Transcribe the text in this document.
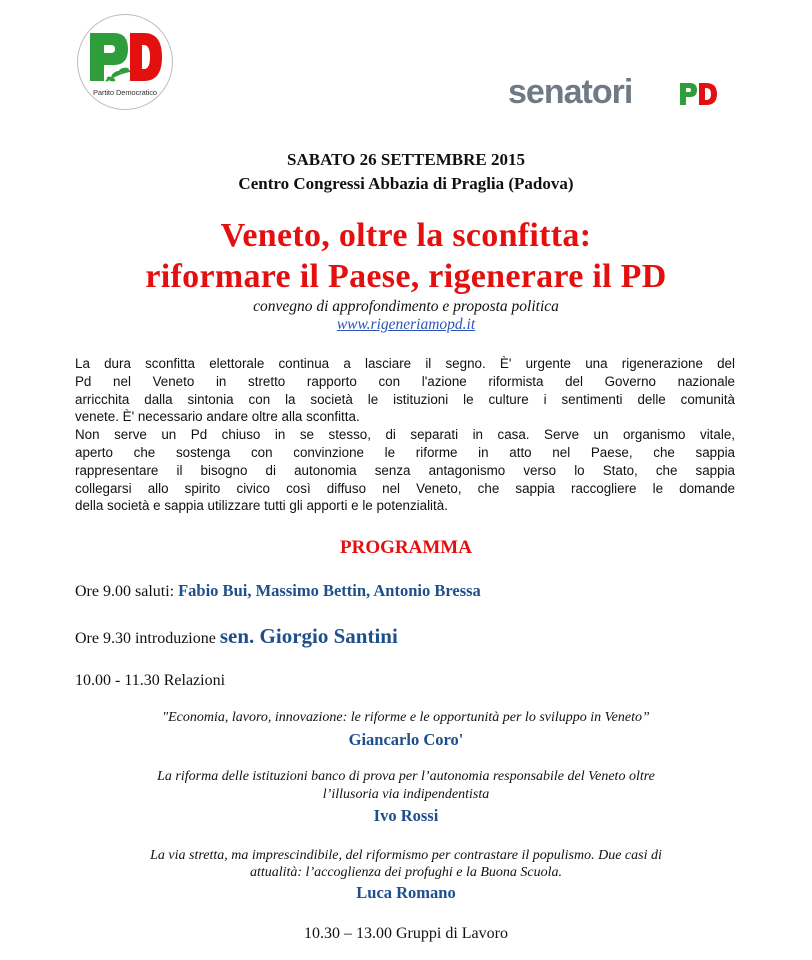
Partito Democratico	senatori
SABATO 26 SETTEMBRE 2015
Centro Congressi Abbazia di Praglia (Padova)
Veneto, oltre la sconfitta:
riformare il Paese, rigenerare il PD
convegno di approfondimento e proposta politica
www.rigeneriamopd.it

La dura sconfitta elettorale continua a lasciare il segno. È' urgente una rigenerazione del

Pd nel Veneto in stretto rapporto con l'azione riformista del Governo nazionale

arricchita dalla sintonia con la società le istituzioni le culture i sentimenti delle comunità

venete. È' necessario andare oltre alla sconfitta.

Non serve un Pd chiuso in se stesso, di separati in casa. Serve un organismo vitale,

aperto che sostenga con convinzione le riforme in atto nel Paese, che sappia

rappresentare il bisogno di autonomia senza antagonismo verso lo Stato, che sappia

collegarsi allo spirito civico così diffuso nel Veneto, che sappia raccogliere le domande

della società e sappia utilizzare tutti gli apporti e le potenzialità.

PROGRAMMA
Ore 9.00 saluti: Fabio Bui, Massimo Bettin, Antonio Bressa
Ore 9.30 introduzione sen. Giorgio Santini
10.00 - 11.30 Relazioni
"Economia, lavoro, innovazione: le riforme e le opportunità per lo sviluppo in Veneto”
Giancarlo Coro'
La riforma delle istituzioni banco di prova per l’autonomia responsabile del Veneto oltre
l’illusoria via indipendentista
Ivo Rossi
La via stretta, ma imprescindibile, del riformismo per contrastare il populismo. Due casi di
attualità: l’accoglienza dei profughi e la Buona Scuola.
Luca Romano
10.30 – 13.00 Gruppi di Lavoro
